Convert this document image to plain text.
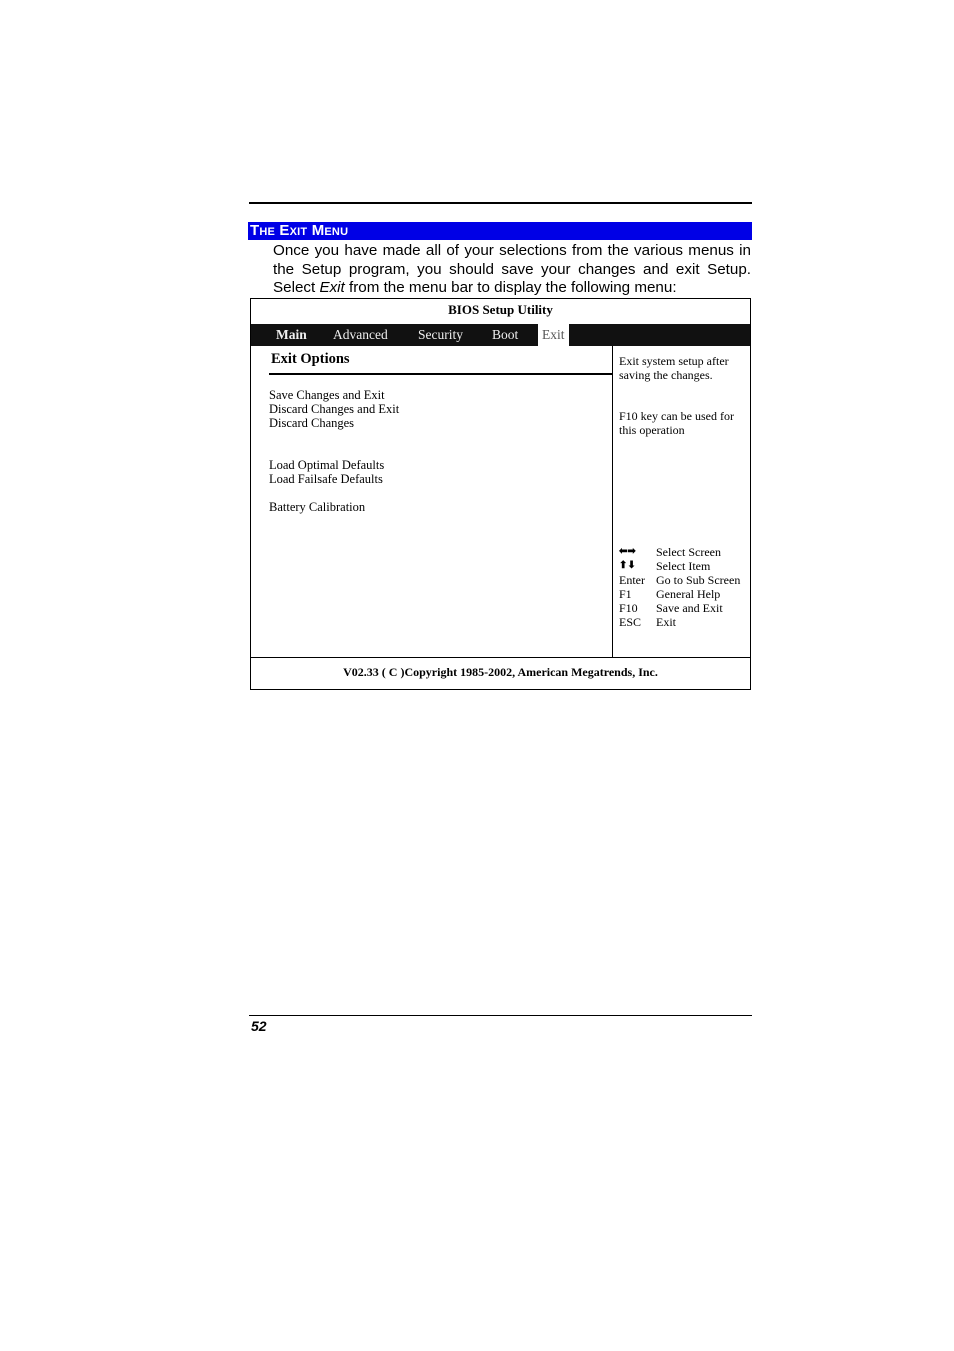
The Exit Menu
Once you have made all of your selections from the various menus in the Setup program, you should save your changes and exit Setup. Select Exit from the menu bar to display the following menu:
BIOS Setup Utility
Main Advanced Security Boot Exit
Exit Options
Save Changes and Exit
Discard Changes and Exit
Discard Changes
Load Optimal Defaults
Load Failsafe Defaults
Battery Calibration
Exit system setup after saving the changes.
F10 key can be used for this operation
⬅➡ Select Screen
⬆⬇ Select Item
Enter Go to Sub Screen
F1 General Help
F10 Save and Exit
ESC Exit
V02.33 ( C )Copyright 1985-2002, American Megatrends, Inc.
52
